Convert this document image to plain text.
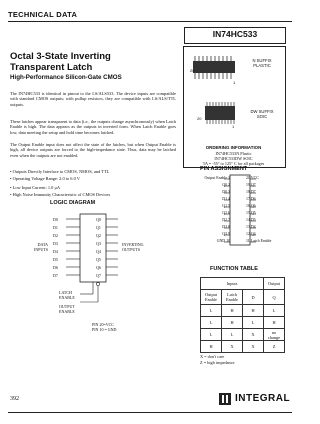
TECHNICAL DATA
IN74HC533
Octal 3-State Inverting
Transparent Latch
High-Performance Silicon-Gate CMOS
The IN74HC533 is identical in pinout to the LS/ALS533. The device inputs are compatible with standard CMOS outputs; with pullup resistors, they are compatible with LS/ALS/TTL outputs.
These latches appear transparent to data (i.e., the outputs change asynchronously) when Latch Enable is high. The data appears as the outputs in inverted form. When Latch Enable goes low, data meeting the setup and hold time becomes latched.
The Output Enable input does not affect the state of the latches, but when Output Enable is high, all device outputs are forced to the high-impedance state. Thus, data may be latched even when the outputs are not enabled.
• Outputs Directly Interface to CMOS, NMOS, and TTL
• Operating Voltage Range: 2.0 to 6.0 V
• Low Input Current: 1.0 μA
• High Noise Immunity Characteristic of CMOS Devices
20
1
20
1
N SUFFIX
PLASTIC
DW SUFFIX
SOIC
ORDERING INFORMATION
IN74HC533N Plastic
IN74HC533DW SOIC
TA = -55° to 125° C for all packages
PIN ASSIGNMENT
Output Enable 1
Q0 2
D0 3
D1 4
Q1 5
Q2 6
D2 7
D3 8
Q3 9
GND 10
20 VCC
19 Q7
18 D7
17 D6
16 Q6
15 Q5
14 D5
13 D4
12 Q4
11 Latch Enable
LOGIC DIAGRAM
D0
D1
D2
D3
D4
D5
D6
D7
Q0
Q1
Q2
Q3
Q4
Q5
Q6
Q7
DATA
INPUTS
INVERTING
OUTPUTS
LATCH
ENABLE
OUTPUT
ENABLE
PIN 20=VCC
PIN 10 = GND
FUNCTION TABLE
Inputs			Output
Output Enable	Latch Enable	D	Q
L	H	H	L
L	H	L	H
L	L	X	no change
H	X	X	Z
X = don't care
Z = high impedance
392	INTEGRAL
